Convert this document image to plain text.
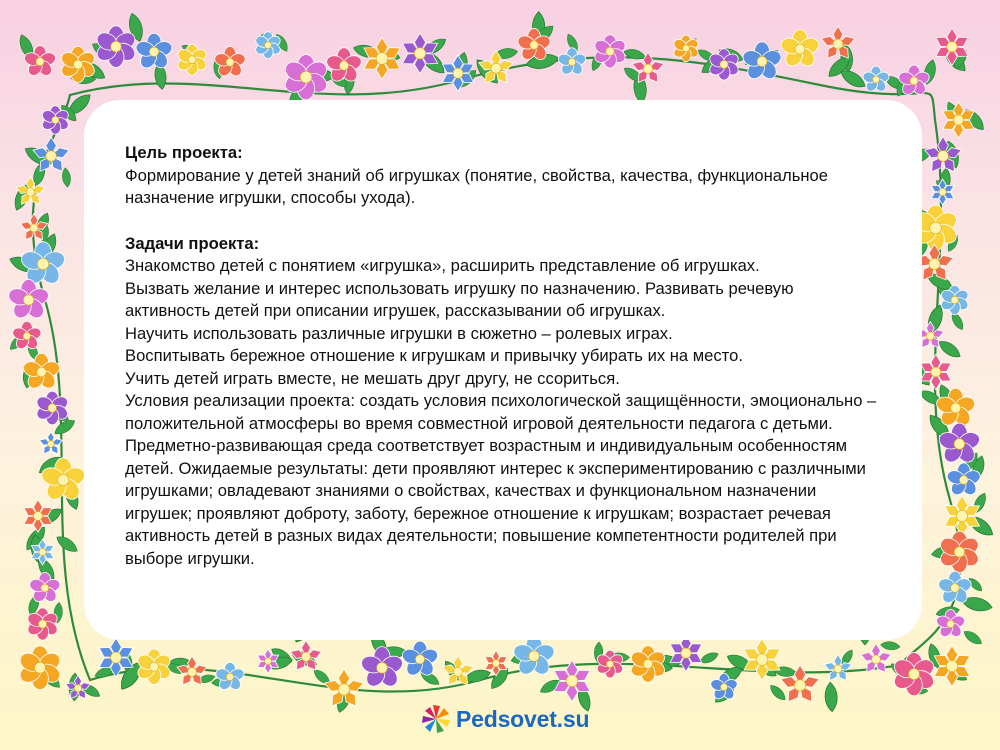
Цель проекта:

Формирование у детей знаний об игрушках (понятие, свойства, качества, функциональное назначение игрушки, способы ухода).

Задачи проекта:

Знакомство детей с понятием «игрушка», расширить представление об игрушках.

Вызвать желание и интерес использовать игрушку по назначению. Развивать речевую активность детей при описании игрушек, рассказывании об игрушках.

Научить использовать различные игрушки в сюжетно – ролевых играх.

Воспитывать бережное отношение к игрушкам и привычку убирать их на место.

Учить детей играть вместе, не мешать друг другу, не ссориться.

Условия реализации проекта: создать условия психологической защищённости, эмоционально – положительной атмосферы во время совместной игровой деятельности педагога с детьми. Предметно-развивающая среда соответствует возрастным и индивидуальным особенностям детей. Ожидаемые результаты: дети проявляют интерес к экспериментированию с различными игрушками; овладевают знаниями о свойствах, качествах и функциональном назначении игрушек; проявляют доброту, заботу, бережное отношение к игрушкам; возрастает речевая активность детей в разных видах деятельности; повышение компетентности родителей при выборе игрушки.

Pedsovet.su
